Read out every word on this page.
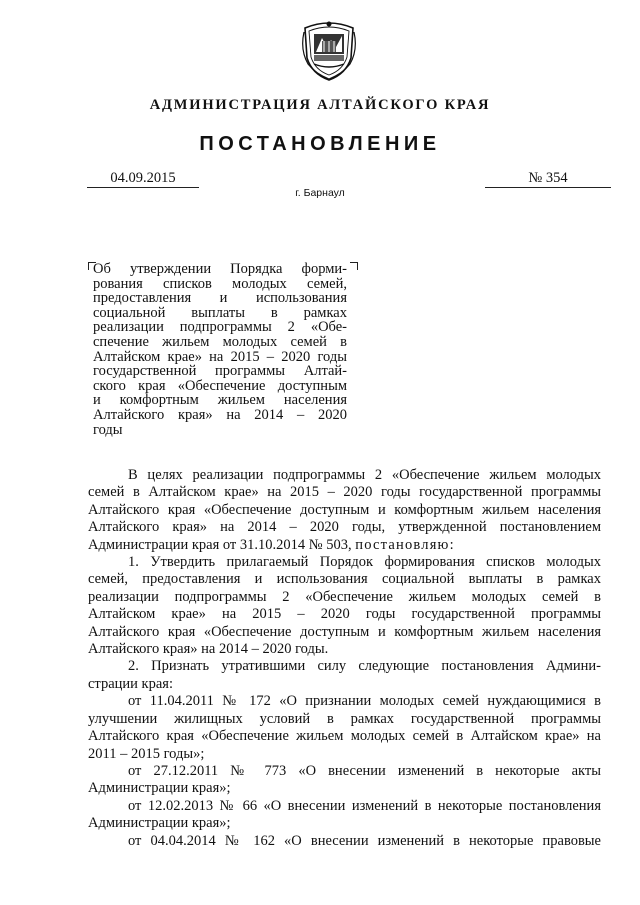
АДМИНИСТРАЦИЯ АЛТАЙСКОГО КРАЯ
ПОСТАНОВЛЕНИЕ
04.09.2015	№ 354
г. Барнаул
Об утверждении Порядка форми-
рования списков молодых семей,
предоставления и использования
социальной выплаты в рамках
реализации подпрограммы 2 «Обе-
спечение жильем молодых семей в
Алтайском крае» на 2015 – 2020 годы
государственной программы Алтай-
ского края «Обеспечение доступным
и комфортным жильем населения
Алтайского края» на 2014 – 2020
годы
В целях реализации подпрограммы 2 «Обеспечение жильем молодых
семей в Алтайском крае» на 2015 – 2020 годы государственной программы
Алтайского края «Обеспечение доступным и комфортным жильем населения
Алтайского края» на 2014 – 2020 годы, утвержденной постановлением
Администрации края от 31.10.2014 № 503, постановляю:
1. Утвердить прилагаемый Порядок формирования списков молодых
семей, предоставления и использования социальной выплаты в рамках
реализации подпрограммы 2 «Обеспечение жильем молодых семей в
Алтайском крае» на 2015 – 2020 годы государственной программы
Алтайского края «Обеспечение доступным и комфортным жильем населения
Алтайского края» на 2014 – 2020 годы.
2. Признать утратившими силу следующие постановления Админи-
страции края:
от 11.04.2011 № 172 «О признании молодых семей нуждающимися в
улучшении жилищных условий в рамках государственной программы
Алтайского края «Обеспечение жильем молодых семей в Алтайском крае» на
2011 – 2015 годы»;
от 27.12.2011 № 773 «О внесении изменений в некоторые акты
Администрации края»;
от 12.02.2013 № 66 «О внесении изменений в некоторые постановления
Администрации края»;
от 04.04.2014 № 162 «О внесении изменений в некоторые правовые
